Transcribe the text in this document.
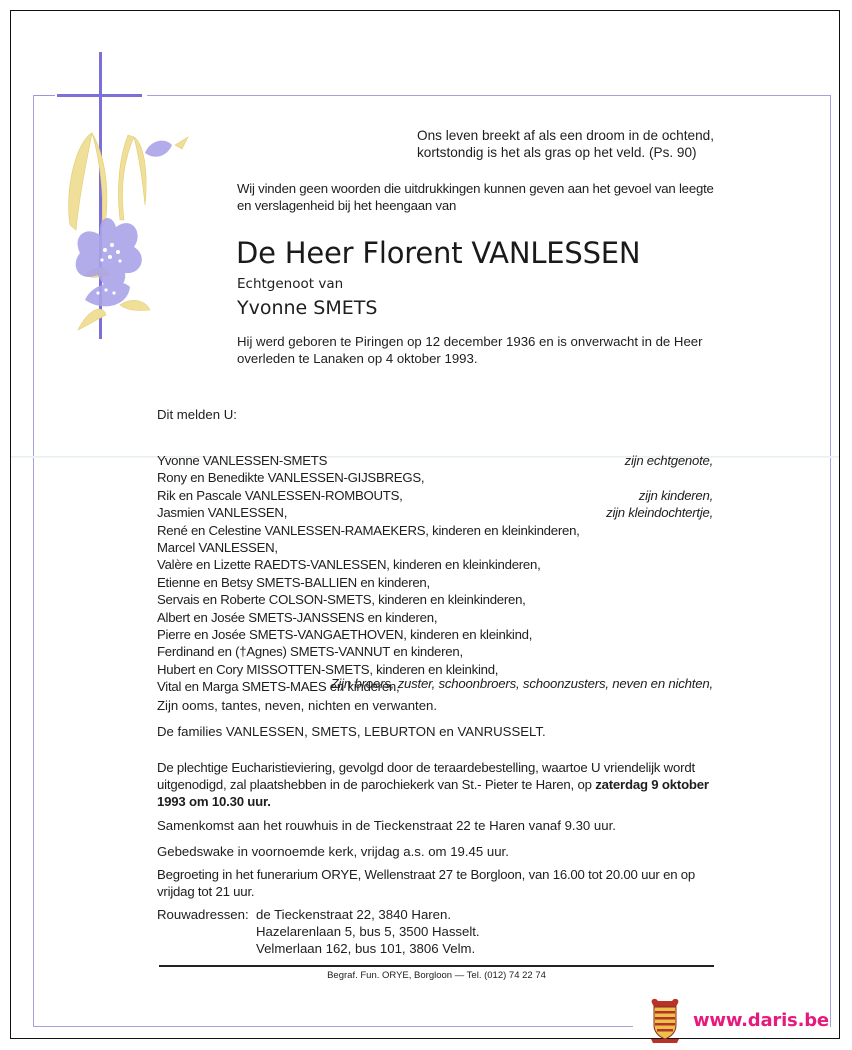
Ons leven breekt af als een droom in de ochtend,
kortstondig is het als gras op het veld. (Ps. 90)
Wij vinden geen woorden die uitdrukkingen kunnen geven aan het gevoel van leegte
en verslagenheid bij het heengaan van
De Heer Florent VANLESSEN
Echtgenoot van
Yvonne SMETS
Hij werd geboren te Piringen op 12 december 1936 en is onverwacht in de Heer
overleden te Lanaken op 4 oktober 1993.
Dit melden U:
Yvonne VANLESSEN-SMETS	zijn echtgenote,
Rony en Benedikte VANLESSEN-GIJSBREGS,
Rik en Pascale VANLESSEN-ROMBOUTS,	zijn kinderen,
Jasmien VANLESSEN,	zijn kleindochtertje,
René en Celestine VANLESSEN-RAMAEKERS, kinderen en kleinkinderen,
Marcel VANLESSEN,
Valère en Lizette RAEDTS-VANLESSEN, kinderen en kleinkinderen,
Etienne en Betsy SMETS-BALLIEN en kinderen,
Servais en Roberte COLSON-SMETS, kinderen en kleinkinderen,
Albert en Josée SMETS-JANSSENS en kinderen,
Pierre en Josée SMETS-VANGAETHOVEN, kinderen en kleinkind,
Ferdinand en (†Agnes) SMETS-VANNUT en kinderen,
Hubert en Cory MISSOTTEN-SMETS, kinderen en kleinkind,
Vital en Marga SMETS-MAES en kinderen,
Zijn broers, zuster, schoonbroers, schoonzusters, neven en nichten,
Zijn ooms, tantes, neven, nichten en verwanten.
De families VANLESSEN, SMETS, LEBURTON en VANRUSSELT.
De plechtige Eucharistieviering, gevolgd door de teraardebestelling, waartoe U vriendelijk wordt uitgenodigd, zal plaatshebben in de parochiekerk van St.- Pieter te Haren, op zaterdag 9 oktober 1993 om 10.30 uur.
Samenkomst aan het rouwhuis in de Tieckenstraat 22 te Haren vanaf 9.30 uur.
Gebedswake in voornoemde kerk, vrijdag a.s. om 19.45 uur.
Begroeting in het funerarium ORYE, Wellenstraat 27 te Borgloon, van 16.00 tot 20.00 uur en op vrijdag tot 21 uur.
Rouwadressen: de Tieckenstraat 22, 3840 Haren.
Hazelarenlaan 5, bus 5, 3500 Hasselt.
Velmerlaan 162, bus 101, 3806 Velm.
Begraf. Fun. ORYE, Borgloon — Tel. (012) 74 22 74
www.daris.be
